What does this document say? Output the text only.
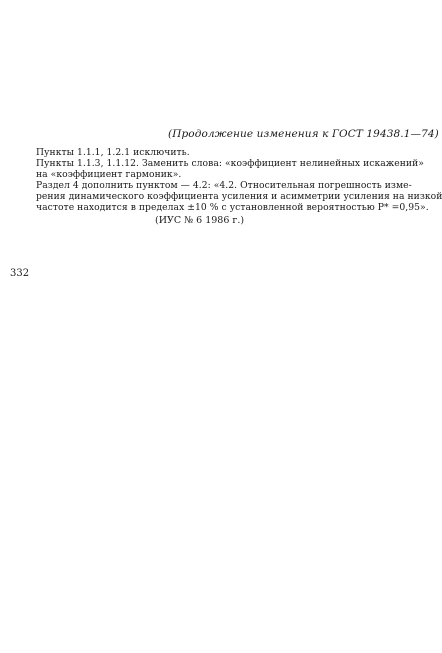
(Продолжение изменения к ГОСТ 19438.1—74)
Пункты 1.1.1, 1.2.1 исключить.
Пункты 1.1.3, 1.1.12. Заменить слова: «коэффициент нелинейных искажений»
на «коэффициент гармоник».
Раздел 4 дополнить пунктом — 4.2: «4.2. Относительная погрешность изме-
рения динамического коэффициента усиления и асимметрии усиления на низкой
частоте находится в пределах ±10 % с установленной вероятностью Р* =0,95».
(ИУС № 6 1986 г.)
332
